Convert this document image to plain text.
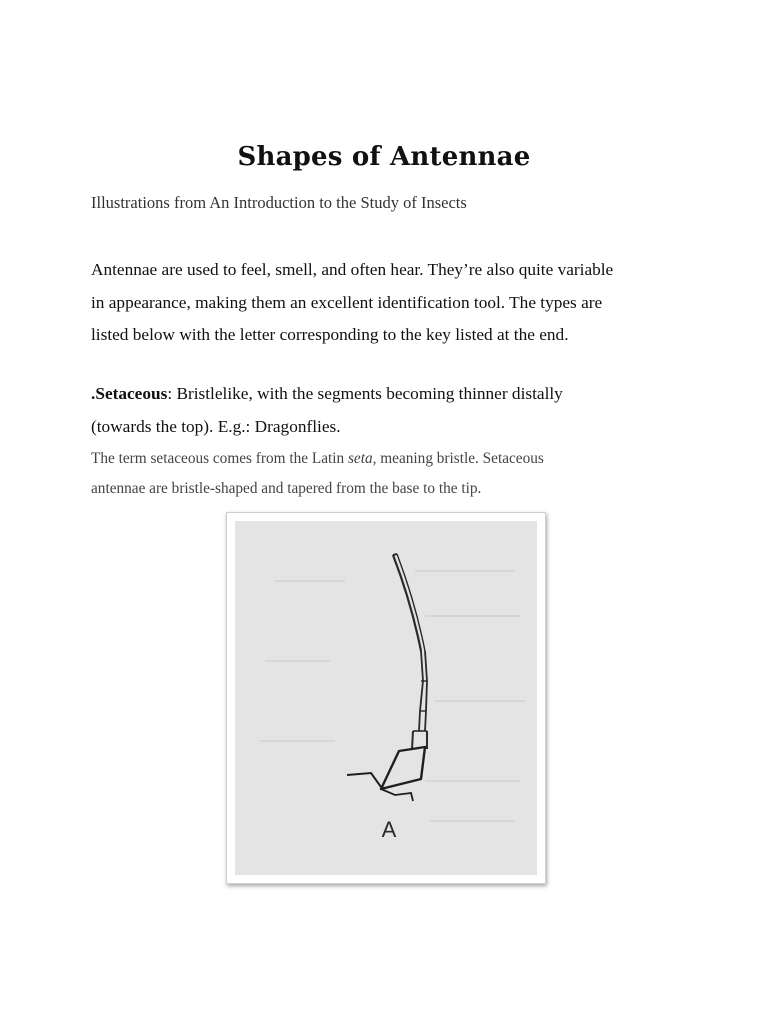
Shapes of Antennae

Illustrations from An Introduction to the Study of Insects

Antennae are used to feel, smell, and often hear. They’re also quite variable
in appearance, making them an excellent identification tool. The types are
listed below with the letter corresponding to the key listed at the end.

.Setaceous: Bristlelike, with the segments becoming thinner distally
(towards the top). E.g.: Dragonflies.

The term setaceous comes from the Latin seta, meaning bristle. Setaceous
antennae are bristle-shaped and tapered from the base to the tip.

A
